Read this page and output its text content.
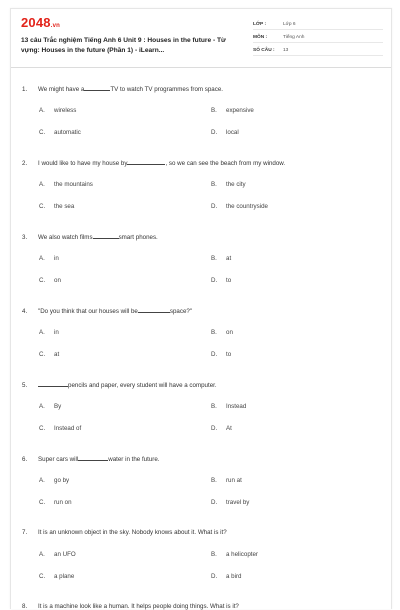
2048.vn
13 câu Trắc nghiệm Tiếng Anh 6 Unit 9 : Houses in the future - Từ vựng: Houses in the future (Phần 1) - iLearn...
LỚP :	Lớp 6
MÔN :	Tiếng Anh
SỐ CÂU :	13
1. We might have a	TV to watch TV programmes from space.
A. wireless	B. expensive
C. automatic	D. local
2. I would like to have my house by	, so we can see the beach from my window.
A. the mountains	B. the city
C. the sea	D. the countryside
3. We also watch films	smart phones.
A. in	B. at
C. on	D. to
4. "Do you think that our houses will be	space?"
A. in	B. on
C. at	D. to
5.	pencils and paper, every student will have a computer.
A. By	B. Instead
C. Instead of	D. At
6. Super cars will	water in the future.
A. go by	B. run at
C. run on	D. travel by
7. It is an unknown object in the sky. Nobody knows about it. What is it?
A. an UFO	B. a helicopter
C. a plane	D. a bird
8. It is a machine look like a human. It helps people doing things. What is it?
